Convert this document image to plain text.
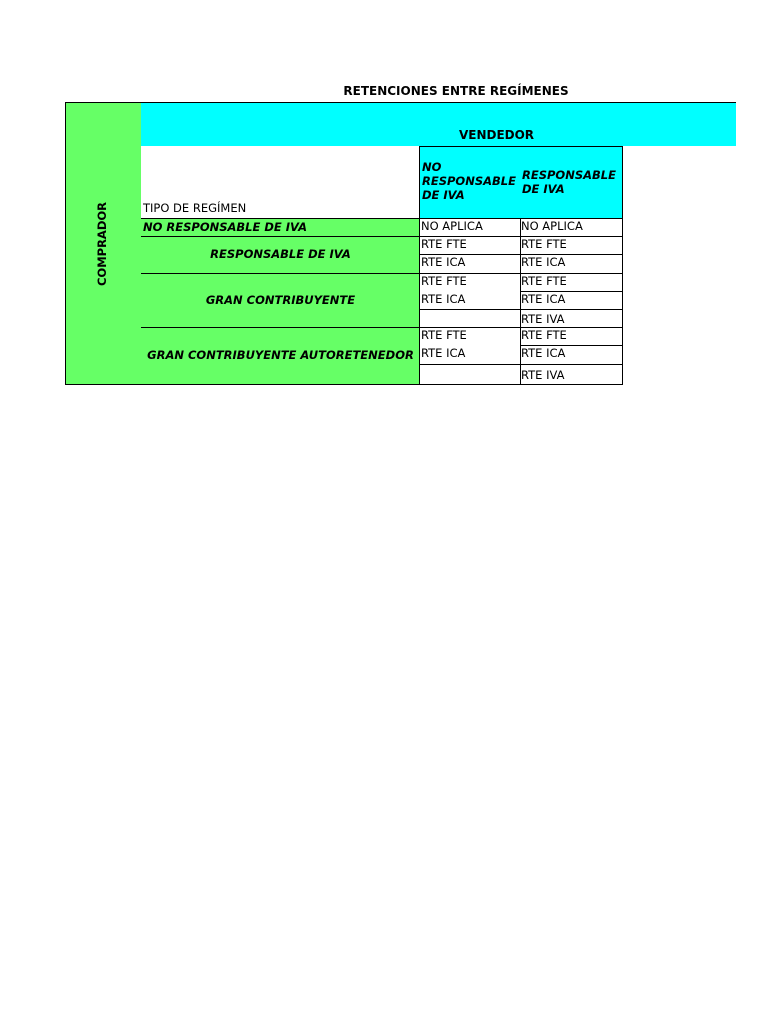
RETENCIONES ENTRE REGÍMENES
COMPRADOR
VENDEDOR
TIPO DE REGÍMEN
NO
RESPONSABLE
DE IVA
RESPONSABLE
DE IVA
NO RESPONSABLE DE IVA
RESPONSABLE DE IVA
GRAN CONTRIBUYENTE
GRAN CONTRIBUYENTE AUTORETENEDOR
NO APLICA
RTE FTE
RTE ICA
RTE FTE
RTE ICA
RTE FTE
RTE ICA
NO APLICA
RTE FTE
RTE ICA
RTE FTE
RTE ICA
RTE IVA
RTE FTE
RTE ICA
RTE IVA
